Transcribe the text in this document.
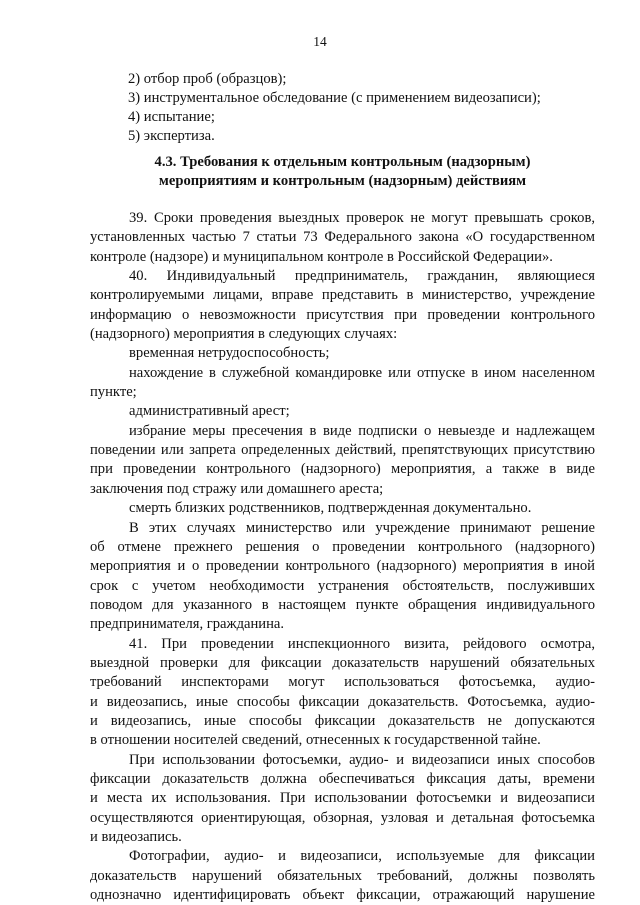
14
2) отбор проб (образцов);
3) инструментальное обследование (с применением видеозаписи);
4) испытание;
5) экспертиза.
4.3. Требования к отдельным контрольным (надзорным)
мероприятиям и контрольным (надзорным) действиям
39. Сроки проведения выездных проверок не могут превышать сроков,
установленных частью 7 статьи 73 Федерального закона «О государственном
контроле (надзоре) и муниципальном контроле в Российской Федерации».
40. Индивидуальный предприниматель, гражданин, являющиеся
контролируемыми лицами, вправе представить в министерство, учреждение
информацию о невозможности присутствия при проведении контрольного
(надзорного) мероприятия в следующих случаях:
временная нетрудоспособность;
нахождение в служебной командировке или отпуске в ином населенном
пункте;
административный арест;
избрание меры пресечения в виде подписки о невыезде и надлежащем
поведении или запрета определенных действий, препятствующих присутствию
при проведении контрольного (надзорного) мероприятия, а также в виде
заключения под стражу или домашнего ареста;
смерть близких родственников, подтвержденная документально.
В этих случаях министерство или учреждение принимают решение
об отмене прежнего решения о проведении контрольного (надзорного)
мероприятия и о проведении контрольного (надзорного) мероприятия в иной
срок с учетом необходимости устранения обстоятельств, послуживших
поводом для указанного в настоящем пункте обращения индивидуального
предпринимателя, гражданина.
41. При проведении инспекционного визита, рейдового осмотра,
выездной проверки для фиксации доказательств нарушений обязательных
требований инспекторами могут использоваться фотосъемка, аудио-
и видеозапись, иные способы фиксации доказательств. Фотосъемка, аудио-
и видеозапись, иные способы фиксации доказательств не допускаются
в отношении носителей сведений, отнесенных к государственной тайне.
При использовании фотосъемки, аудио- и видеозаписи иных способов
фиксации доказательств должна обеспечиваться фиксация даты, времени
и места их использования. При использовании фотосъемки и видеозаписи
осуществляются ориентирующая, обзорная, узловая и детальная фотосъемка
и видеозапись.
Фотографии, аудио- и видеозаписи, используемые для фиксации
доказательств нарушений обязательных требований, должны позволять
однозначно идентифицировать объект фиксации, отражающий нарушение
